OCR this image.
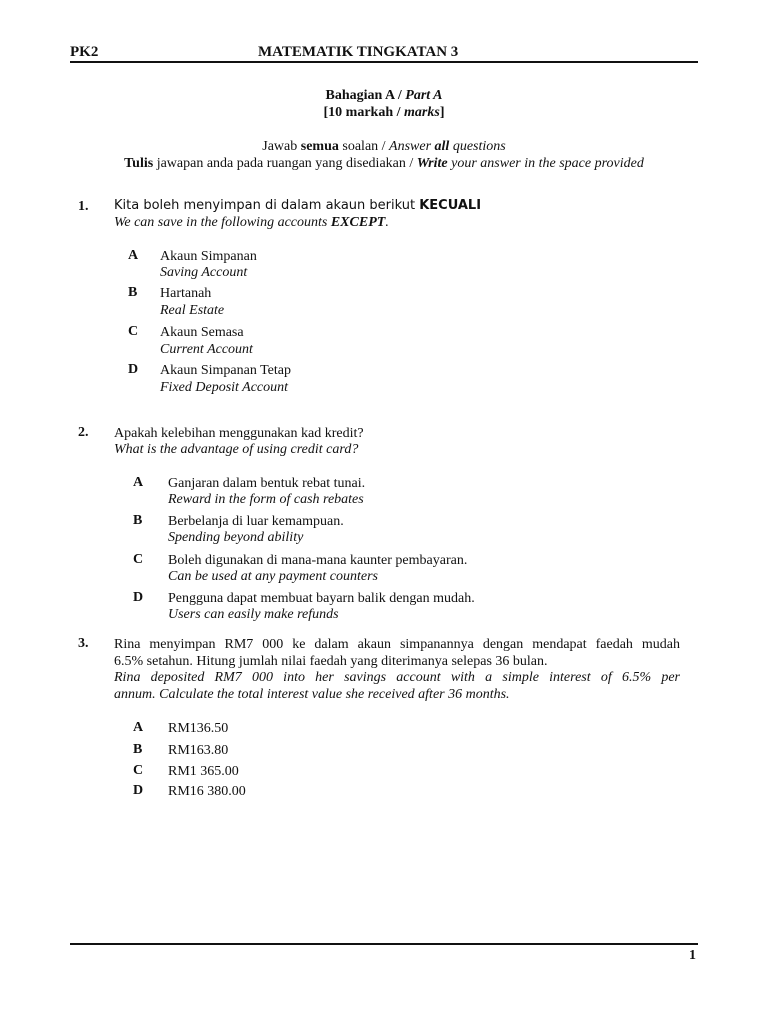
PK2	MATEMATIK TINGKATAN 3
Bahagian A / Part A
[10 markah / marks]
Jawab semua soalan / Answer all questions
Tulis jawapan anda pada ruangan yang disediakan / Write your answer in the space provided
1. Kita boleh menyimpan di dalam akaun berikut KECUALI
We can save in the following accounts EXCEPT.
A Akaun Simpanan
Saving Account
B Hartanah
Real Estate
C Akaun Semasa
Current Account
D Akaun Simpanan Tetap
Fixed Deposit Account
2. Apakah kelebihan menggunakan kad kredit?
What is the advantage of using credit card?
A Ganjaran dalam bentuk rebat tunai.
Reward in the form of cash rebates
B Berbelanja di luar kemampuan.
Spending beyond ability
C Boleh digunakan di mana-mana kaunter pembayaran.
Can be used at any payment counters
D Pengguna dapat membuat bayarn balik dengan mudah.
Users can easily make refunds
3. Rina menyimpan RM7 000 ke dalam akaun simpanannya dengan mendapat faedah mudah
6.5% setahun. Hitung jumlah nilai faedah yang diterimanya selepas 36 bulan.
Rina deposited RM7 000 into her savings account with a simple interest of 6.5% per
annum. Calculate the total interest value she received after 36 months.
A RM136.50
B RM163.80
C RM1 365.00
D RM16 380.00
1
